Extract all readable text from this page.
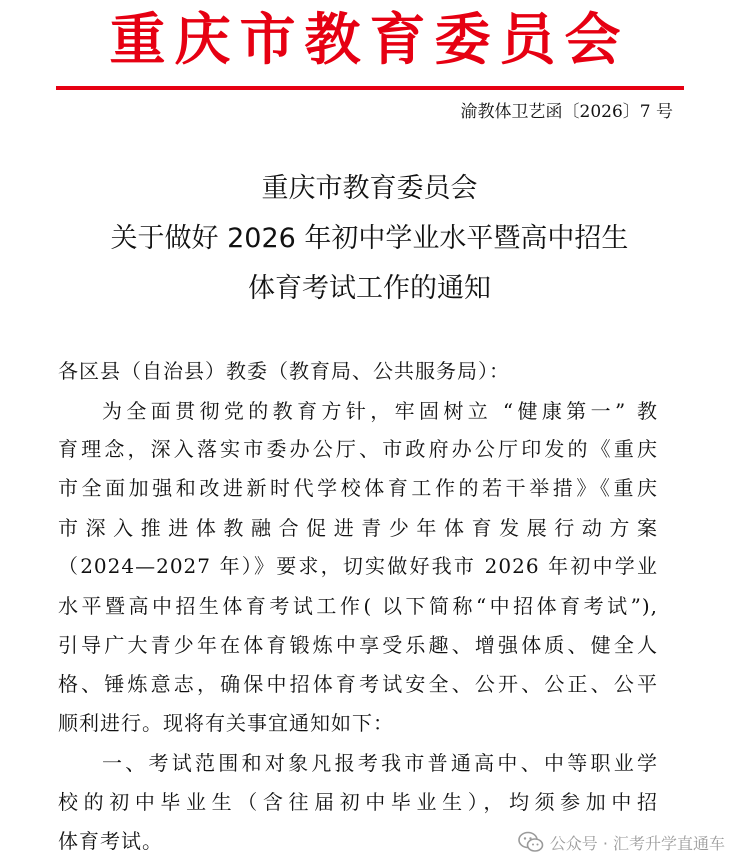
重庆市教育委员会
渝教体卫艺函〔2026〕7 号
重庆市教育委员会
关于做好 2026 年初中学业水平暨高中招生
体育考试工作的通知
各区县（自治县）教委（教育局、公共服务局）：
为全面贯彻党的教育方针，牢固树立 “健康第一” 教
育理念，深入落实市委办公厅、市政府办公厅印发的《重庆
市全面加强和改进新时代学校体育工作的若干举措》《重庆
市深入推进体教融合促进青少年体育发展行动方案
（2024—2027 年）》要求，切实做好我市 2026 年初中学业
水平暨高中招生体育考试工作( 以下简称“中招体育考试”),
引导广大青少年在体育锻炼中享受乐趣、增强体质、健全人
格、锤炼意志，确保中招体育考试安全、公开、公正、公平
顺利进行。现将有关事宜通知如下：
一、考试范围和对象凡报考我市普通高中、中等职业学
校的初中毕业生（含往届初中毕业生），均须参加中招
体育考试。	公众号 · 汇考升学直通车
